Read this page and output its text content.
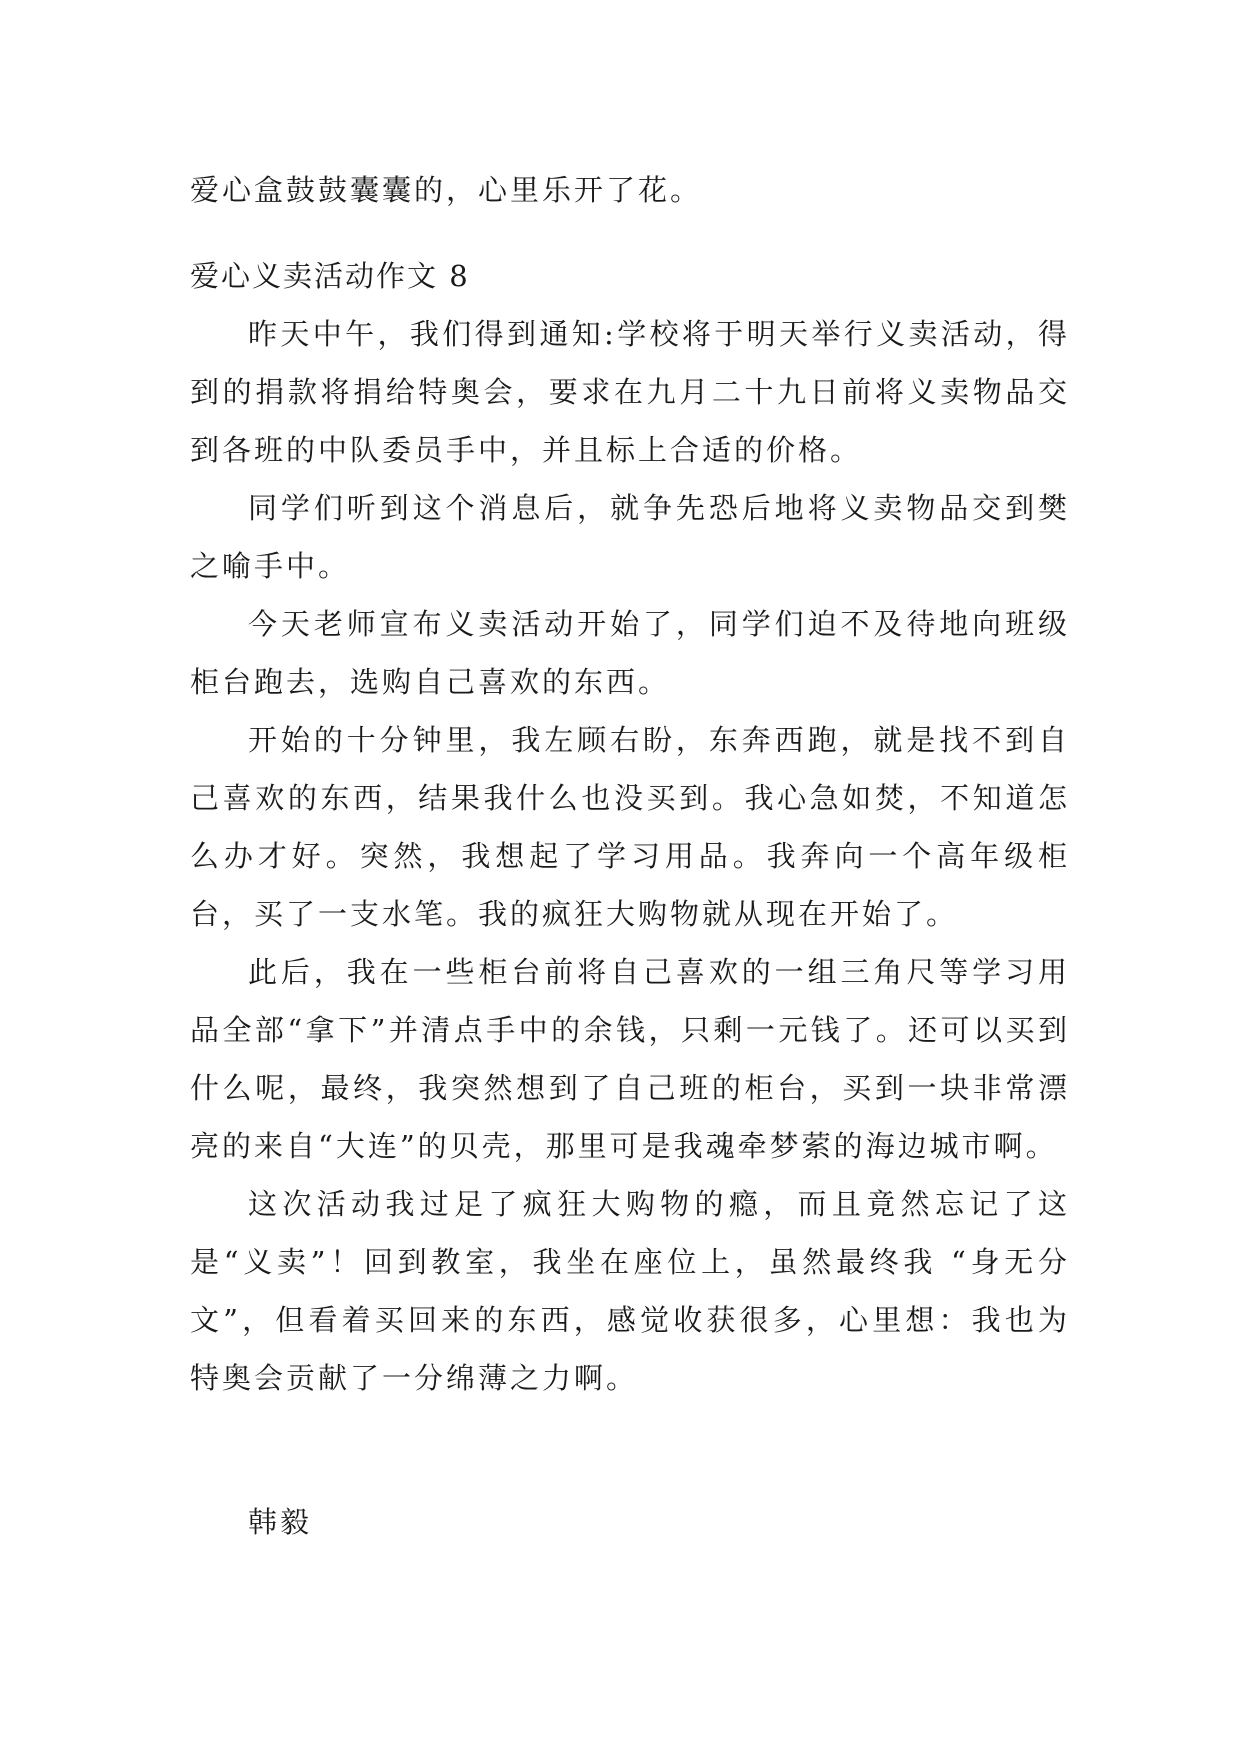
爱心盒鼓鼓囊囊的，心里乐开了花。

爱心义卖活动作文 8

昨天中午，我们得到通知:学校将于明天举行义卖活动，得到的捐款将捐给特奥会，要求在九月二十九日前将义卖物品交到各班的中队委员手中，并且标上合适的价格。

同学们听到这个消息后，就争先恐后地将义卖物品交到樊之喻手中。

今天老师宣布义卖活动开始了，同学们迫不及待地向班级柜台跑去，选购自己喜欢的东西。

开始的十分钟里，我左顾右盼，东奔西跑，就是找不到自己喜欢的东西，结果我什么也没买到。我心急如焚，不知道怎么办才好。突然，我想起了学习用品。我奔向一个高年级柜台，买了一支水笔。我的疯狂大购物就从现在开始了。

此后，我在一些柜台前将自己喜欢的一组三角尺等学习用品全部“拿下”并清点手中的余钱，只剩一元钱了。还可以买到什么呢，最终，我突然想到了自己班的柜台，买到一块非常漂亮的来自“大连”的贝壳，那里可是我魂牵梦萦的海边城市啊。

这次活动我过足了疯狂大购物的瘾，而且竟然忘记了这是“义卖”！回到教室，我坐在座位上，虽然最终我 “身无分文”，但看着买回来的东西，感觉收获很多，心里想：我也为特奥会贡献了一分绵薄之力啊。

韩毅
